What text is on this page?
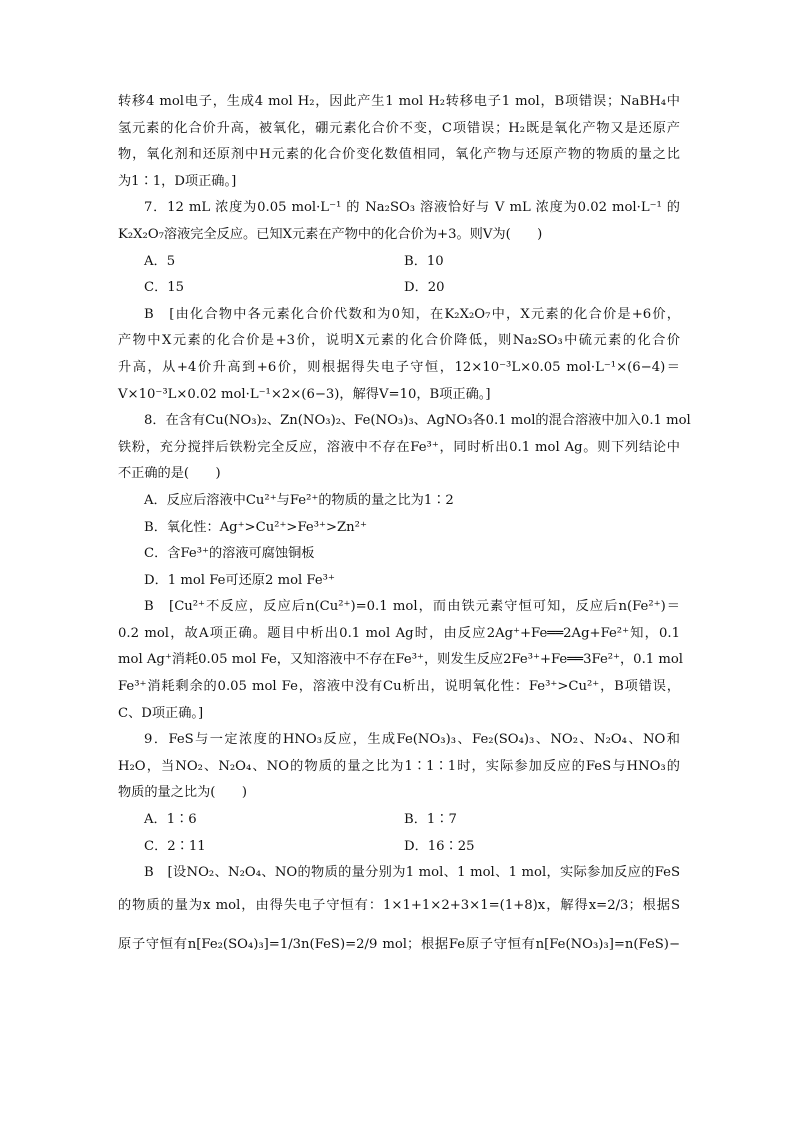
转移4 mol电子，生成4 mol H₂，因此产生1 mol H₂转移电子1 mol，B项错误；NaBH₄中
氢元素的化合价升高，被氧化，硼元素化合价不变，C项错误；H₂既是氧化产物又是还原产
物，氧化剂和还原剂中H元素的化合价变化数值相同，氧化产物与还原产物的物质的量之比
为1∶1，D项正确。]
7．12 mL 浓度为0.05 mol·L⁻¹ 的 Na₂SO₃ 溶液恰好与 V mL 浓度为0.02 mol·L⁻¹ 的
K₂X₂O₇溶液完全反应。已知X元素在产物中的化合价为+3。则V为(　　)
A．5	B．10
C．15	D．20
B　[由化合物中各元素化合价代数和为0知，在K₂X₂O₇中，X元素的化合价是+6价，
产物中X元素的化合价是+3价，说明X元素的化合价降低，则Na₂SO₃中硫元素的化合价
升高，从+4价升高到+6价，则根据得失电子守恒，12×10⁻³L×0.05 mol·L⁻¹×(6−4)＝
V×10⁻³L×0.02 mol·L⁻¹×2×(6−3)，解得V=10，B项正确。]
8．在含有Cu(NO₃)₂、Zn(NO₃)₂、Fe(NO₃)₃、AgNO₃各0.1 mol的混合溶液中加入0.1 mol
铁粉，充分搅拌后铁粉完全反应，溶液中不存在Fe³⁺，同时析出0.1 mol Ag。则下列结论中
不正确的是(　　)
A．反应后溶液中Cu²⁺与Fe²⁺的物质的量之比为1∶2
B．氧化性：Ag⁺>Cu²⁺>Fe³⁺>Zn²⁺
C．含Fe³⁺的溶液可腐蚀铜板
D．1 mol Fe可还原2 mol Fe³⁺
B　[Cu²⁺不反应，反应后n(Cu²⁺)=0.1 mol，而由铁元素守恒可知，反应后n(Fe²⁺)＝
0.2 mol，故A项正确。题目中析出0.1 mol Ag时，由反应2Ag⁺+Fe══2Ag+Fe²⁺知，0.1
mol Ag⁺消耗0.05 mol Fe，又知溶液中不存在Fe³⁺，则发生反应2Fe³⁺+Fe══3Fe²⁺，0.1 mol
Fe³⁺消耗剩余的0.05 mol Fe，溶液中没有Cu析出，说明氧化性：Fe³⁺>Cu²⁺，B项错误，
C、D项正确。]
9．FeS与一定浓度的HNO₃反应，生成Fe(NO₃)₃、Fe₂(SO₄)₃、NO₂、N₂O₄、NO和
H₂O，当NO₂、N₂O₄、NO的物质的量之比为1∶1∶1时，实际参加反应的FeS与HNO₃的
物质的量之比为(　　)
A．1∶6	B．1∶7
C．2∶11	D．16∶25
B　[设NO₂、N₂O₄、NO的物质的量分别为1 mol、1 mol、1 mol，实际参加反应的FeS
的物质的量为x mol，由得失电子守恒有：1×1+1×2+3×1=(1+8)x，解得x=2/3；根据S
原子守恒有n[Fe₂(SO₄)₃]=1/3n(FeS)=2/9 mol；根据Fe原子守恒有n[Fe(NO₃)₃]=n(FeS)−
